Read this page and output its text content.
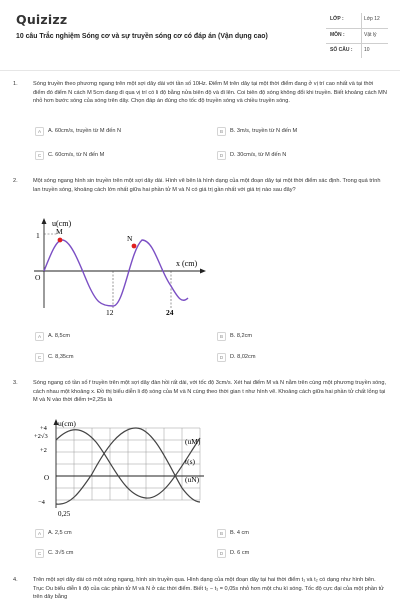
Quizizz
10 câu Trắc nghiệm Sóng cơ và sự truyền sóng cơ có đáp án (Vận dụng cao)
LỚP :	Lớp 12
MÔN :	Vật lý
SỐ CÂU : 10
1.	Sóng truyền theo phương ngang trên một sợi dây dài với tần số 10Hz. Điểm M trên dây tại một thời điểm đang ở vị trí cao nhất và tại thời điểm đó điểm N cách M 5cm đang đi qua vị trí có li độ bằng nửa biên độ và đi lên. Coi biên độ sóng không đổi khi truyền. Biết khoảng cách MN nhỏ hơn bước sóng của sóng trên dây. Chọn đáp án đúng cho tốc độ truyền sóng và chiều truyền sóng.
A	A. 60cm/s, truyền từ M đến N	B	B. 3m/s, truyền từ N đến M
C	C. 60cm/s, từ N đến M	D	D. 30cm/s, từ M đến N
2.	Một sóng ngang hình sin truyền trên một sợi dây dài. Hình vẽ bên là hình dạng của một đoạn dây tại một thời điểm xác định. Trong quá trình lan truyền sóng, khoảng cách lớn nhất giữa hai phần tử M và N có giá trị gần nhất với giá trị nào sau đây?
u(cm)
1
O
M
N
x (cm)
12	24
A	A. 8,5cm	B	B. 8,2cm
C	C. 8,35cm	D	D. 8,02cm
3.	Sóng ngang có tần số f truyền trên một sợi dây đàn hồi rất dài, với tốc độ 3cm/s. Xét hai điểm M và N nằm trên cùng một phương truyền sóng, cách nhau một khoảng x. Đồ thị biểu diễn li độ sóng của M và N cùng theo thời gian t như hình vẽ. Khoảng cách giữa hai phần tử chất lỏng tại M và N vào thời điểm t=2,25s là
u(cm)
+4
+2√3
+2
O
−4
0,25
(uM)
t(s)
(uN)
A	A. 2,5 cm	B	B. 4 cm
C	C. 3√5 cm	D	D. 6 cm
4.	Trên một sợi dây dài có một sóng ngang, hình sin truyền qua. Hình dạng của một đoạn dây tại hai thời điểm t₁ và t₂ có dạng như hình bên. Trục Ou biểu diễn li độ của các phần tử M và N ở các thời điểm. Biết t₂ − t₁ = 0,05s nhỏ hơn một chu kì sóng. Tốc độ cực đại của một phần tử trên dây bằng
